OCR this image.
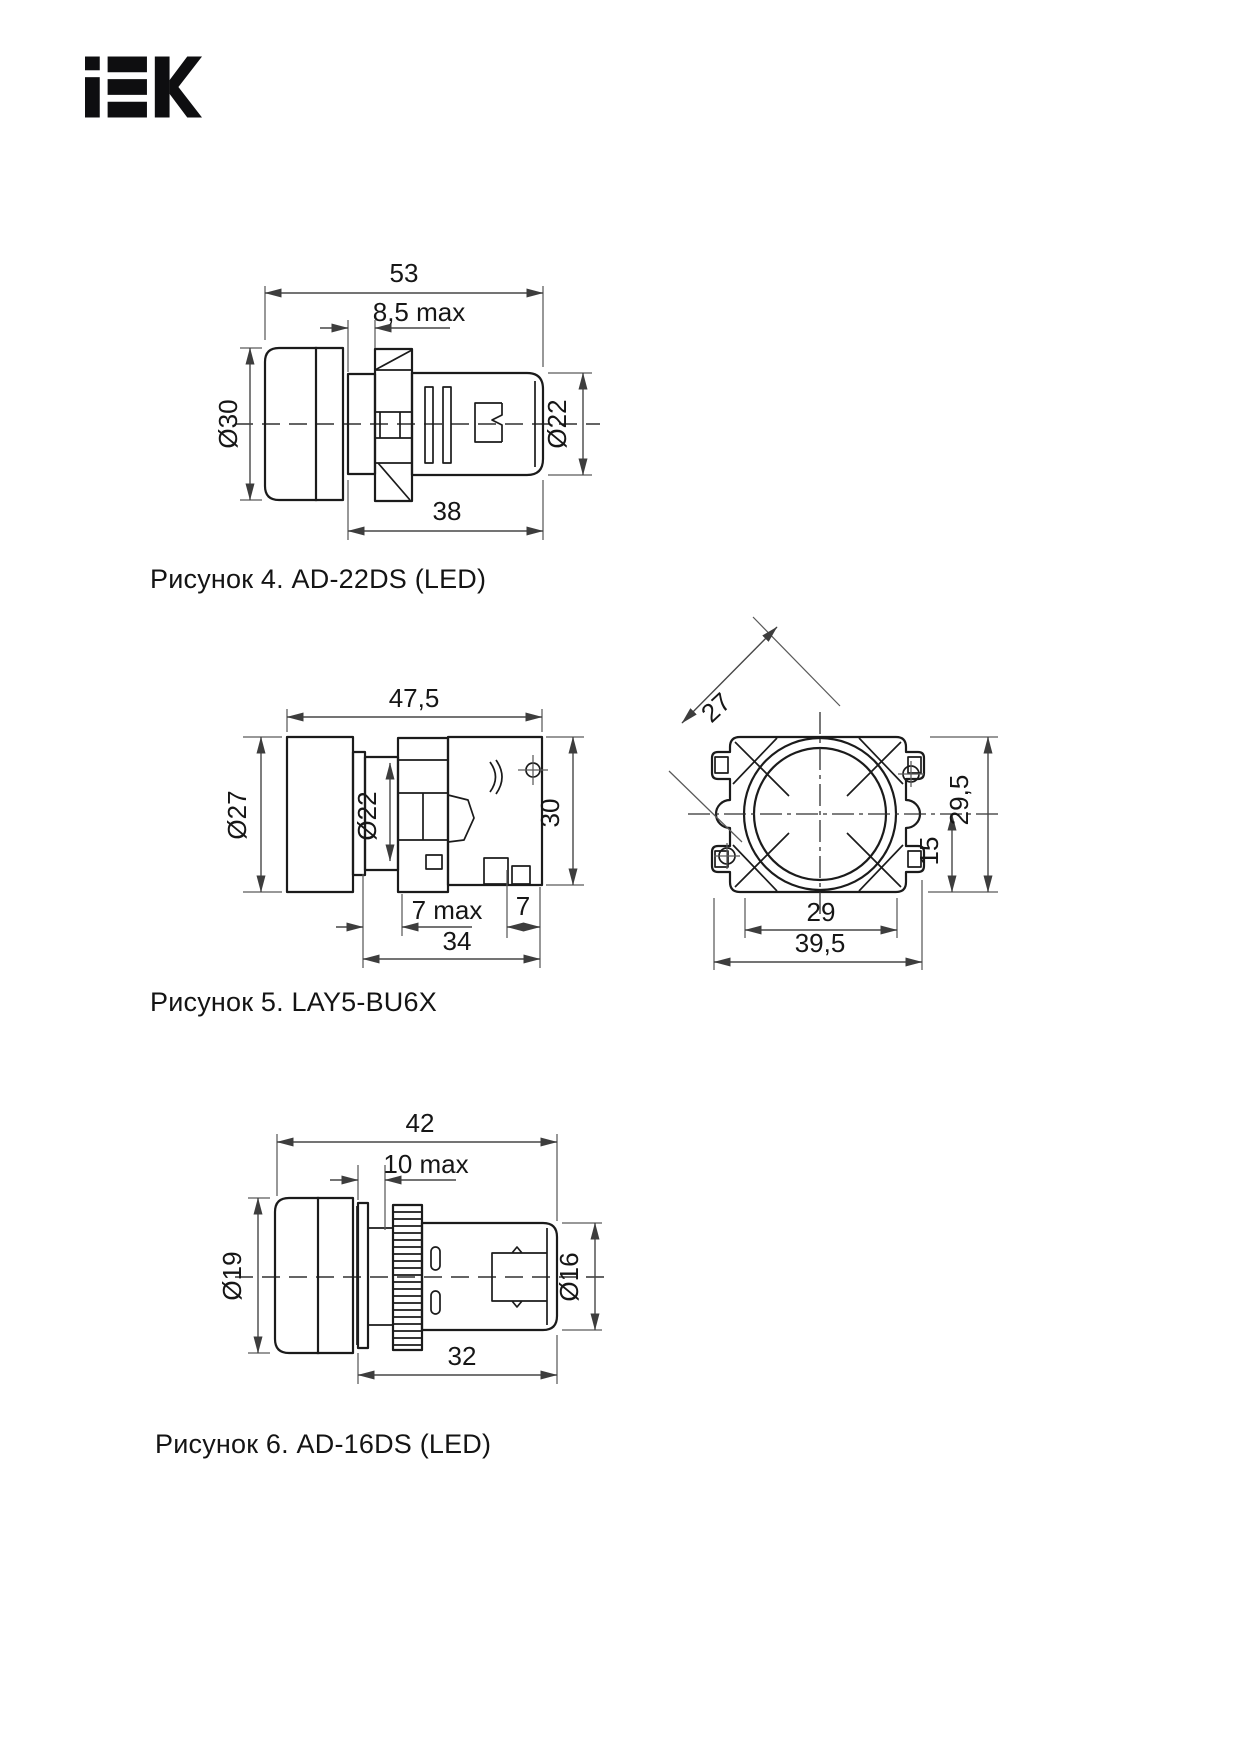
53
8,5 max
Ø30	Ø22
38
Рисунок 4. AD-22DS (LED)
47,5
Ø27	Ø22	30
7 max 7
34
27
15
29,5
29
39,5
Рисунок 5. LAY5-BU6X
42
10 max
Ø19	Ø16
32
Рисунок 6. AD-16DS (LED)
